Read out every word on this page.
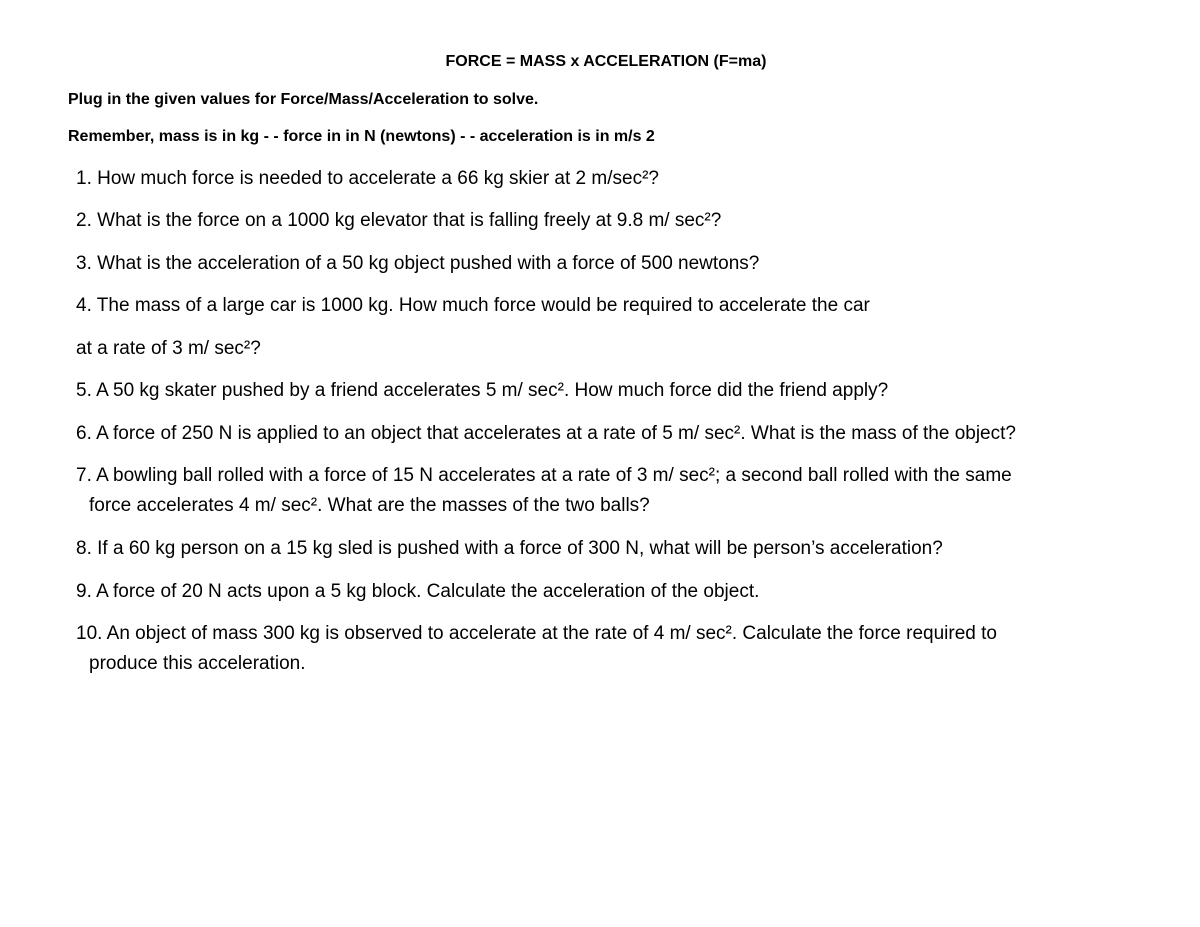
FORCE = MASS x ACCELERATION (F=ma)
Plug in the given values for Force/Mass/Acceleration to solve.
Remember, mass is in kg - - force in in N (newtons) - - acceleration is in m/s 2
1. How much force is needed to accelerate a 66 kg skier at 2 m/sec²?
2. What is the force on a 1000 kg elevator that is falling freely at 9.8 m/ sec²?
3. What is the acceleration of a 50 kg object pushed with a force of 500 newtons?
4. The mass of a large car is 1000 kg. How much force would be required to accelerate the car
at a rate of 3 m/ sec²?
5. A 50 kg skater pushed by a friend accelerates 5 m/ sec². How much force did the friend apply?
6. A force of 250 N is applied to an object that accelerates at a rate of 5 m/ sec². What is the mass of the object?
7. A bowling ball rolled with a force of 15 N accelerates at a rate of 3 m/ sec²; a second ball rolled with the same
force accelerates 4 m/ sec². What are the masses of the two balls?
8. If a 60 kg person on a 15 kg sled is pushed with a force of 300 N, what will be person’s acceleration?
9. A force of 20 N acts upon a 5 kg block. Calculate the acceleration of the object.
10. An object of mass 300 kg is observed to accelerate at the rate of 4 m/ sec². Calculate the force required to
produce this acceleration.
